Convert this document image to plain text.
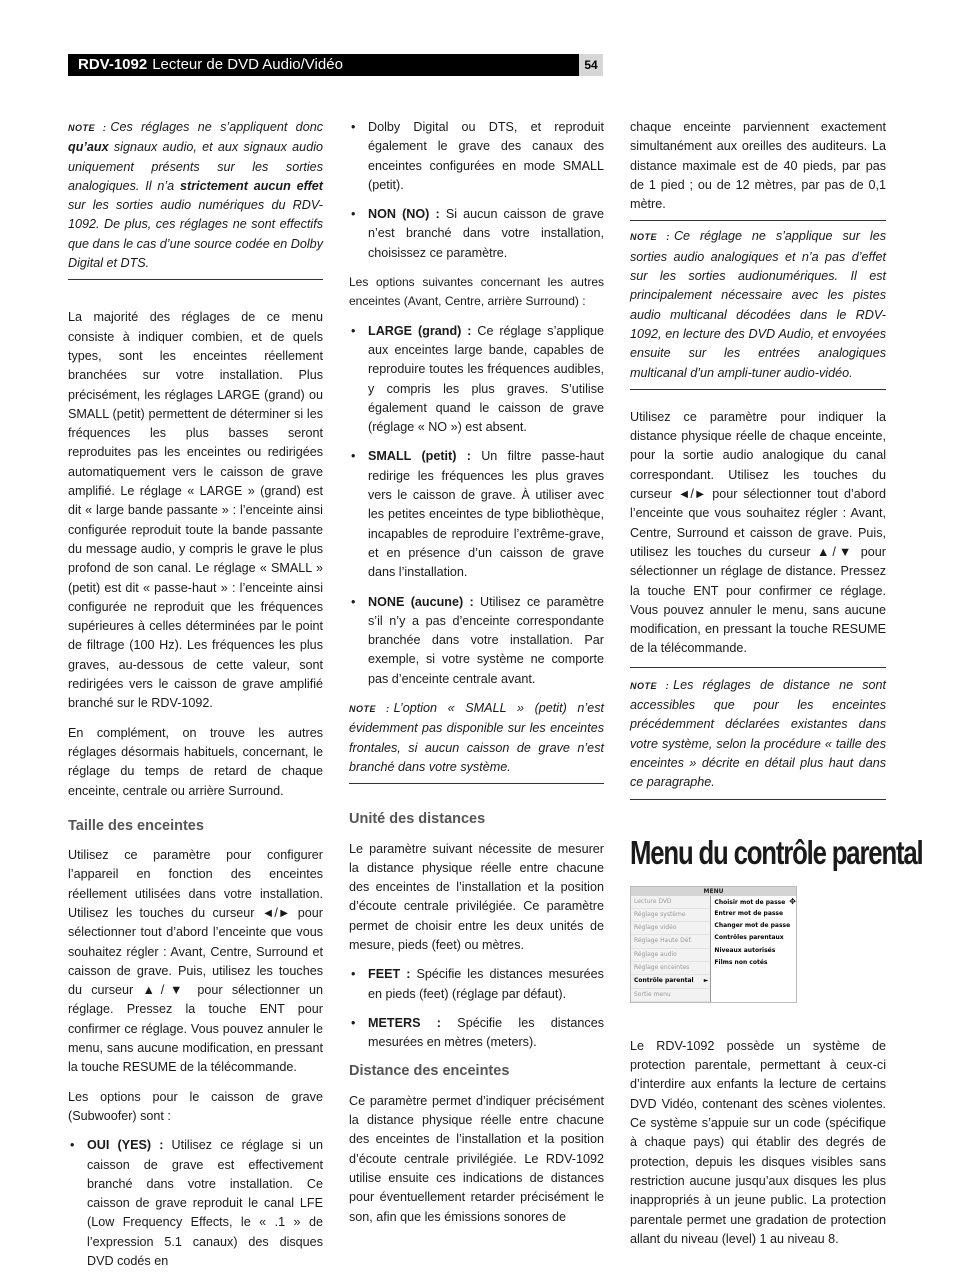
RDV-1092 Lecteur de DVD Audio/Vidéo	54
NOTE : Ces réglages ne s’appliquent donc qu’aux signaux audio, et aux signaux audio uniquement présents sur les sorties analogiques. Il n’a strictement aucun effet sur les sorties audio numériques du RDV-1092. De plus, ces réglages ne sont effectifs que dans le cas d’une source codée en Dolby Digital et DTS.

La majorité des réglages de ce menu consiste à indiquer combien, et de quels types, sont les enceintes réellement branchées sur votre installation. Plus précisément, les réglages LARGE (grand) ou SMALL (petit) permettent de déterminer si les fréquences les plus basses seront reproduites pas les enceintes ou redirigées automatiquement vers le caisson de grave amplifié. Le réglage « LARGE » (grand) est dit « large bande passante » : l’enceinte ainsi configurée reproduit toute la bande passante du message audio, y compris le grave le plus profond de son canal. Le réglage « SMALL » (petit) est dit « passe-haut » : l’enceinte ainsi configurée ne reproduit que les fréquences supérieures à celles déterminées par le point de filtrage (100 Hz). Les fréquences les plus graves, au-dessous de cette valeur, sont redirigées vers le caisson de grave amplifié branché sur le RDV-1092.

En complément, on trouve les autres réglages désormais habituels, concernant, le réglage du temps de retard de chaque enceinte, centrale ou arrière Surround.

Taille des enceintes

Utilisez ce paramètre pour configurer l’appareil en fonction des enceintes réellement utilisées dans votre installation. Utilisez les touches du curseur ◄/► pour sélectionner tout d’abord l’enceinte que vous souhaitez régler : Avant, Centre, Surround et caisson de grave. Puis, utilisez les touches du curseur ▲/▼ pour sélectionner un réglage. Pressez la touche ENT pour confirmer ce réglage. Vous pouvez annuler le menu, sans aucune modification, en pressant la touche RESUME de la télécommande.

Les options pour le caisson de grave (Subwoofer) sont :

• OUI (YES) : Utilisez ce réglage si un caisson de grave est effectivement branché dans votre installation. Ce caisson de grave reproduit le canal LFE (Low Frequency Effects, le « .1 » de l’expression 5.1 canaux) des disques DVD codés en
• Dolby Digital ou DTS, et reproduit également le grave des canaux des enceintes configurées en mode SMALL (petit).
• NON (NO) : Si aucun caisson de grave n’est branché dans votre installation, choisissez ce paramètre.

Les options suivantes concernant les autres enceintes (Avant, Centre, arrière Surround) :

• LARGE (grand) : Ce réglage s’applique aux enceintes large bande, capables de reproduire toutes les fréquences audibles, y compris les plus graves. S’utilise également quand le caisson de grave (réglage « NO ») est absent.
• SMALL (petit) : Un filtre passe-haut redirige les fréquences les plus graves vers le caisson de grave. À utiliser avec les petites enceintes de type bibliothèque, incapables de reproduire l’extrême-grave, et en présence d’un caisson de grave dans l’installation.
• NONE (aucune) : Utilisez ce paramètre s’il n’y a pas d’enceinte correspondante branchée dans votre installation. Par exemple, si votre système ne comporte pas d’enceinte centrale avant.
NOTE : L’option « SMALL » (petit) n’est évidemment pas disponible sur les enceintes frontales, si aucun caisson de grave n’est branché dans votre système.
Unité des distances

Le paramètre suivant nécessite de mesurer la distance physique réelle entre chacune des enceintes de l’installation et la position d’écoute centrale privilégiée. Ce paramètre permet de choisir entre les deux unités de mesure, pieds (feet) ou mètres.

• FEET : Spécifie les distances mesurées en pieds (feet) (réglage par défaut).
• METERS : Spécifie les distances mesurées en mètres (meters).
Distance des enceintes

Ce paramètre permet d’indiquer précisément la distance physique réelle entre chacune des enceintes de l’installation et la position d’écoute centrale privilégiée. Le RDV-1092 utilise ensuite ces indications de distances pour éventuellement retarder précisément le son, afin que les émissions sonores de

chaque enceinte parviennent exactement simultanément aux oreilles des auditeurs. La distance maximale est de 40 pieds, par pas de 1 pied ; ou de 12 mètres, par pas de 0,1 mètre.

NOTE : Ce réglage ne s’applique sur les sorties audio analogiques et n’a pas d’effet sur les sorties audionumériques. Il est principalement nécessaire avec les pistes audio multicanal décodées dans le RDV-1092, en lecture des DVD Audio, et envoyées ensuite sur les entrées analogiques multicanal d’un ampli-tuner audio-vidéo.

Utilisez ce paramètre pour indiquer la distance physique réelle de chaque enceinte, pour la sortie audio analogique du canal correspondant. Utilisez les touches du curseur ◄/► pour sélectionner tout d’abord l’enceinte que vous souhaitez régler : Avant, Centre, Surround et caisson de grave. Puis, utilisez les touches du curseur ▲/▼ pour sélectionner un réglage de distance. Pressez la touche ENT pour confirmer ce réglage. Vous pouvez annuler le menu, sans aucune modification, en pressant la touche RESUME de la télécommande.

NOTE : Les réglages de distance ne sont accessibles que pour les enceintes précédemment déclarées existantes dans votre système, selon la procédure « taille des enceintes » décrite en détail plus haut dans ce paragraphe.
Menu du contrôle parental
MENU
Lecture DVD
Réglage système
Réglage vidéo
Réglage Haute Déf.
Réglage audio
Réglage enceintes
Contrôle parental ►
Sortie menu
Choisir mot de passe ✥
Entrer mot de passe
Changer mot de passe
Contrôles parentaux
Niveaux autorisés
Films non cotés

Le RDV-1092 possède un système de protection parentale, permettant à ceux-ci d’interdire aux enfants la lecture de certains DVD Vidéo, contenant des scènes violentes. Ce système s’appuie sur un code (spécifique à chaque pays) qui établir des degrés de protection, depuis les disques visibles sans restriction aucune jusqu’aux disques les plus inappropriés à un jeune public. La protection parentale permet une gradation de protection allant du niveau (level) 1 au niveau 8.
